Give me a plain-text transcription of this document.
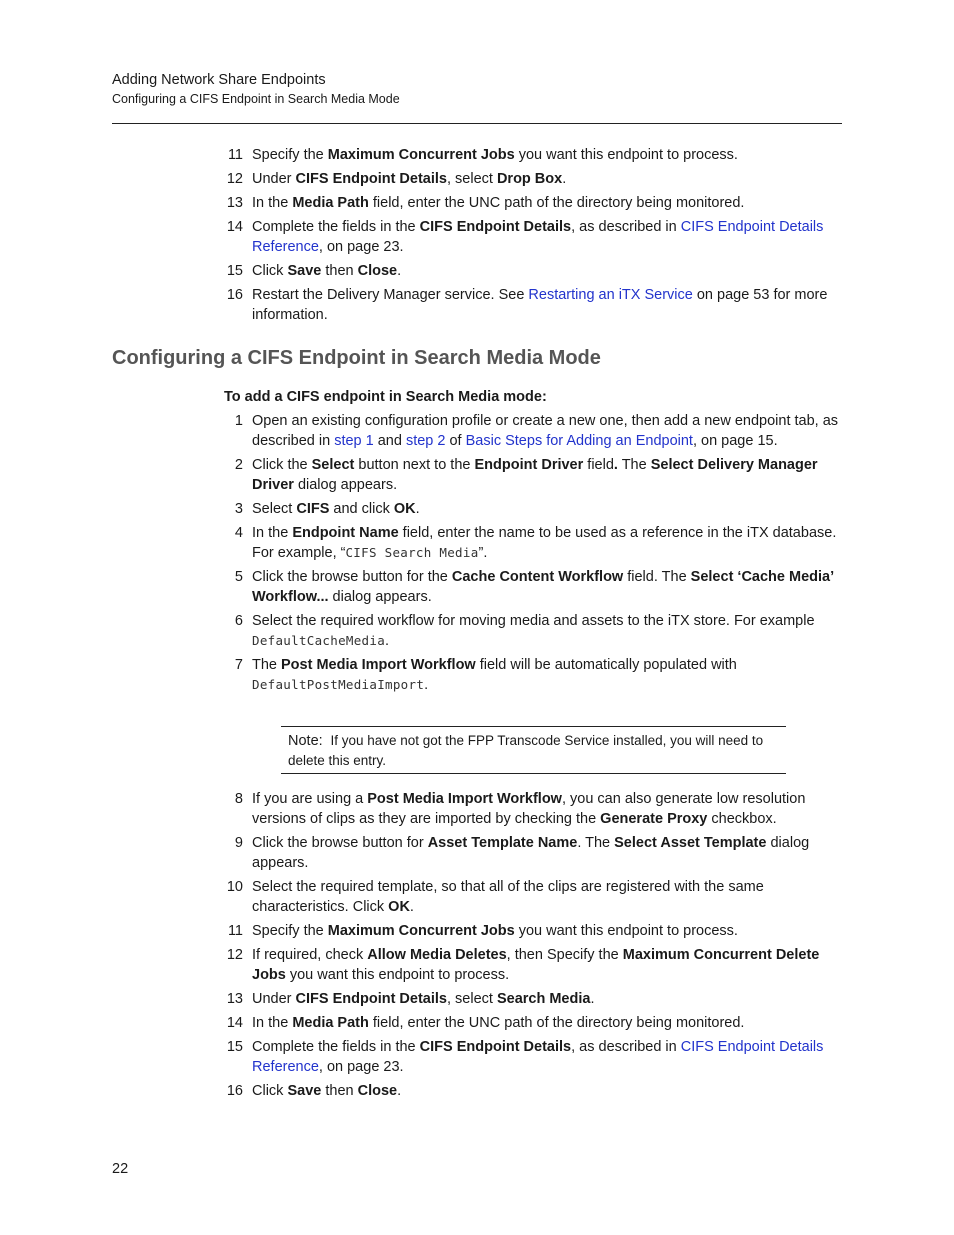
Adding Network Share Endpoints
Configuring a CIFS Endpoint in Search Media Mode
11 Specify the Maximum Concurrent Jobs you want this endpoint to process.
12 Under CIFS Endpoint Details, select Drop Box.
13 In the Media Path field, enter the UNC path of the directory being monitored.
14 Complete the fields in the CIFS Endpoint Details, as described in CIFS Endpoint Details Reference, on page 23.
15 Click Save then Close.
16 Restart the Delivery Manager service. See Restarting an iTX Service on page 53 for more information.
Configuring a CIFS Endpoint in Search Media Mode
To add a CIFS endpoint in Search Media mode:
1 Open an existing configuration profile or create a new one, then add a new endpoint tab, as described in step 1 and step 2 of Basic Steps for Adding an Endpoint, on page 15.
2 Click the Select button next to the Endpoint Driver field. The Select Delivery Manager Driver dialog appears.
3 Select CIFS and click OK.
4 In the Endpoint Name field, enter the name to be used as a reference in the iTX database. For example, “CIFS Search Media”.
5 Click the browse button for the Cache Content Workflow field. The Select ‘Cache Media’ Workflow... dialog appears.
6 Select the required workflow for moving media and assets to the iTX store. For example DefaultCacheMedia.
7 The Post Media Import Workflow field will be automatically populated with DefaultPostMediaImport.
Note: If you have not got the FPP Transcode Service installed, you will need to delete this entry.
8 If you are using a Post Media Import Workflow, you can also generate low resolution versions of clips as they are imported by checking the Generate Proxy checkbox.
9 Click the browse button for Asset Template Name. The Select Asset Template dialog appears.
10 Select the required template, so that all of the clips are registered with the same characteristics. Click OK.
11 Specify the Maximum Concurrent Jobs you want this endpoint to process.
12 If required, check Allow Media Deletes, then Specify the Maximum Concurrent Delete Jobs you want this endpoint to process.
13 Under CIFS Endpoint Details, select Search Media.
14 In the Media Path field, enter the UNC path of the directory being monitored.
15 Complete the fields in the CIFS Endpoint Details, as described in CIFS Endpoint Details Reference, on page 23.
16 Click Save then Close.
22
